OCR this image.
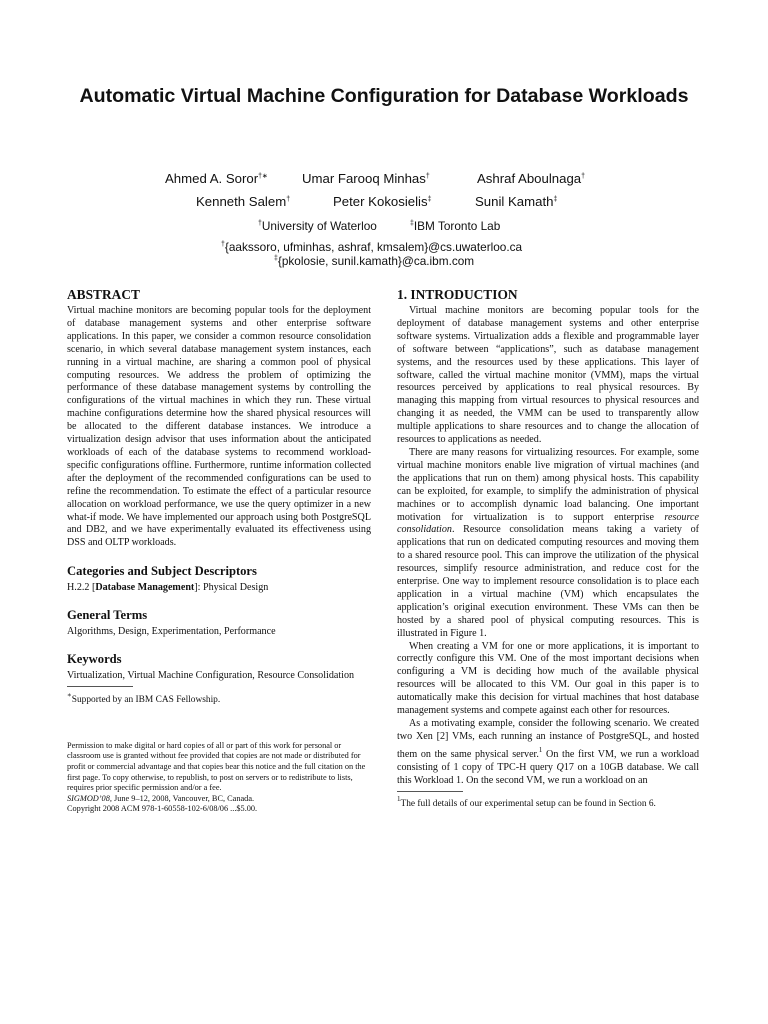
Automatic Virtual Machine Configuration for Database Workloads
Ahmed A. Soror†∗	Umar Farooq Minhas†	Ashraf Aboulnaga†
Kenneth Salem†	Peter Kokosielis‡	Sunil Kamath‡
†University of Waterloo	‡IBM Toronto Lab
†{aakssoro, ufminhas, ashraf, kmsalem}@cs.uwaterloo.ca
‡{pkolosie, sunil.kamath}@ca.ibm.com
ABSTRACT

Virtual machine monitors are becoming popular tools for the deployment of database management systems and other enterprise software applications. In this paper, we consider a common resource consolidation scenario, in which several database management system instances, each running in a virtual machine, are sharing a common pool of physical computing resources. We address the problem of optimizing the performance of these database management systems by controlling the configurations of the virtual machines in which they run. These virtual machine configurations determine how the shared physical resources will be allocated to the different database instances. We introduce a virtualization design advisor that uses information about the anticipated workloads of each of the database systems to recommend workload-specific configurations offline. Furthermore, runtime information collected after the deployment of the recommended configurations can be used to refine the recommendation. To estimate the effect of a particular resource allocation on workload performance, we use the query optimizer in a new what-if mode. We have implemented our approach using both PostgreSQL and DB2, and we have experimentally evaluated its effectiveness using DSS and OLTP workloads.

Categories and Subject Descriptors

H.2.2 [Database Management]: Physical Design

General Terms

Algorithms, Design, Experimentation, Performance

Keywords

Virtualization, Virtual Machine Configuration, Resource Consolidation

∗Supported by an IBM CAS Fellowship.

Permission to make digital or hard copies of all or part of this work for personal or classroom use is granted without fee provided that copies are not made or distributed for profit or commercial advantage and that copies bear this notice and the full citation on the first page. To copy otherwise, to republish, to post on servers or to redistribute to lists, requires prior specific permission and/or a fee.

SIGMOD’08, June 9–12, 2008, Vancouver, BC, Canada.

Copyright 2008 ACM 978-1-60558-102-6/08/06 ...$5.00.

1. INTRODUCTION

Virtual machine monitors are becoming popular tools for the deployment of database management systems and other enterprise software systems. Virtualization adds a flexible and programmable layer of software between “applications”, such as database management systems, and the resources used by these applications. This layer of software, called the virtual machine monitor (VMM), maps the virtual resources perceived by applications to real physical resources. By managing this mapping from virtual resources to physical resources and changing it as needed, the VMM can be used to transparently allow multiple applications to share resources and to change the allocation of resources to applications as needed.

There are many reasons for virtualizing resources. For example, some virtual machine monitors enable live migration of virtual machines (and the applications that run on them) among physical hosts. This capability can be exploited, for example, to simplify the administration of physical machines or to accomplish dynamic load balancing. One important motivation for virtualization is to support enterprise resource consolidation. Resource consolidation means taking a variety of applications that run on dedicated computing resources and moving them to a shared resource pool. This can improve the utilization of the physical resources, simplify resource administration, and reduce cost for the enterprise. One way to implement resource consolidation is to place each application in a virtual machine (VM) which encapsulates the application’s original execution environment. These VMs can then be hosted by a shared pool of physical computing resources. This is illustrated in Figure 1.

When creating a VM for one or more applications, it is important to correctly configure this VM. One of the most important decisions when configuring a VM is deciding how much of the available physical resources will be allocated to this VM. Our goal in this paper is to automatically make this decision for virtual machines that host database management systems and compete against each other for resources.

As a motivating example, consider the following scenario. We created two Xen [2] VMs, each running an instance of PostgreSQL, and hosted them on the same physical server.$^1$ On the first VM, we run a workload consisting of 1 copy of TPC-H query Q17 on a 10GB database. We call this Workload 1. On the second VM, we run a workload on an

$^1$The full details of our experimental setup can be found in Section 6.
